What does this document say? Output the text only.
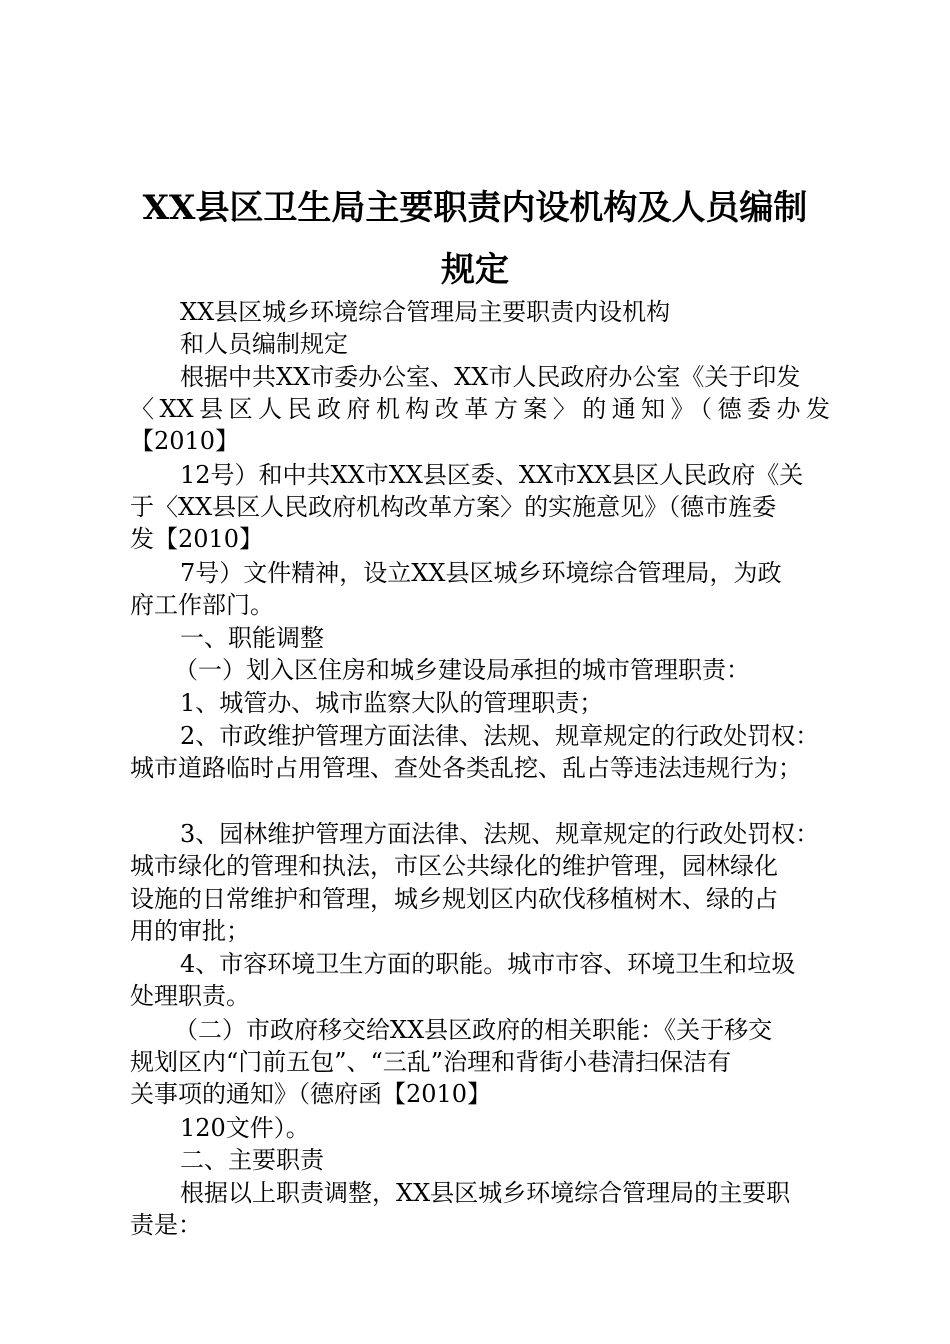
XX县区卫生局主要职责内设机构及人员编制
规定
XX县区城乡环境综合管理局主要职责内设机构
和人员编制规定
根据中共XX市委办公室、XX市人民政府办公室《关于印发
〈XX县区人民政府机构改革方案〉的通知》（德委办发
【2010】
12号）和中共XX市XX县区委、XX市XX县区人民政府《关
于〈XX县区人民政府机构改革方案〉的实施意见》（德市旌委
发【2010】
7号）文件精神，设立XX县区城乡环境综合管理局，为政
府工作部门。
一、职能调整
（一）划入区住房和城乡建设局承担的城市管理职责：
1、城管办、城市监察大队的管理职责；
2、市政维护管理方面法律、法规、规章规定的行政处罚权：
城市道路临时占用管理、查处各类乱挖、乱占等违法违规行为；
3、园林维护管理方面法律、法规、规章规定的行政处罚权：
城市绿化的管理和执法，市区公共绿化的维护管理，园林绿化
设施的日常维护和管理，城乡规划区内砍伐移植树木、绿的占
用的审批；
4、市容环境卫生方面的职能。城市市容、环境卫生和垃圾
处理职责。
（二）市政府移交给XX县区政府的相关职能：《关于移交
规划区内“门前五包”、“三乱”治理和背街小巷清扫保洁有
关事项的通知》（德府函【2010】
120文件）。
二、主要职责
根据以上职责调整，XX县区城乡环境综合管理局的主要职
责是：
